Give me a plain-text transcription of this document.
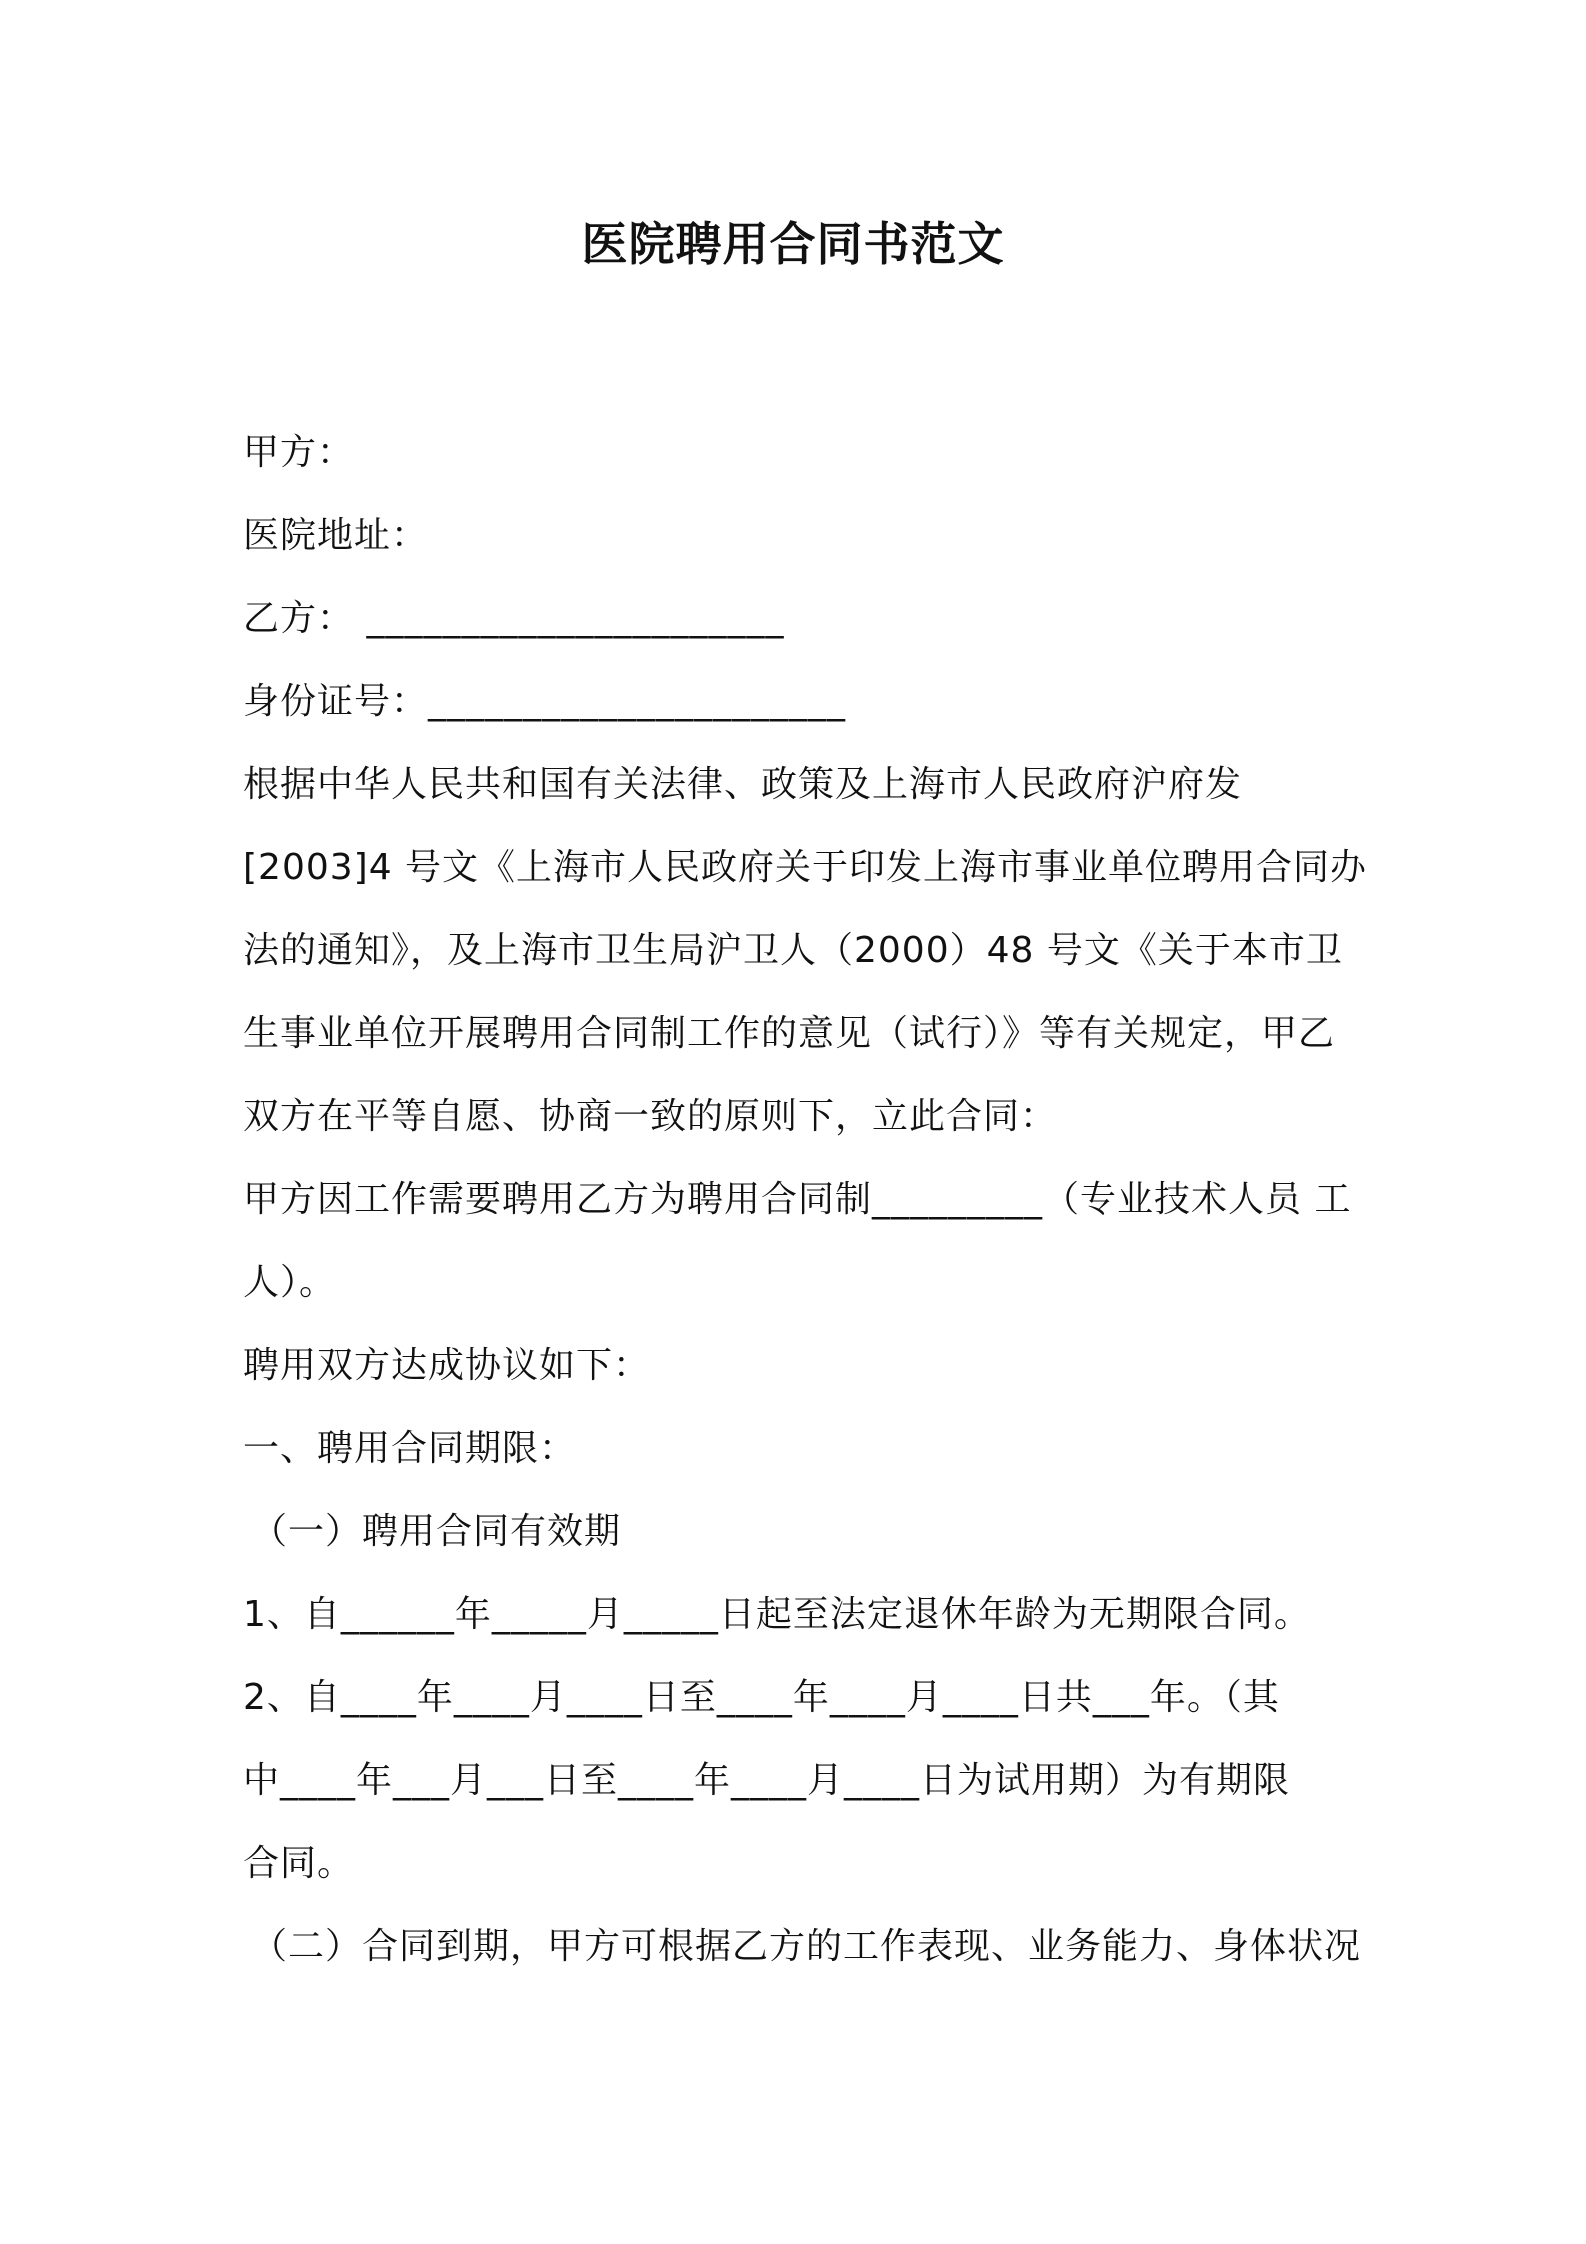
医院聘用合同书范文
甲方：
医院地址：
乙方： ______________________
身份证号：______________________
根据中华人民共和国有关法律、政策及上海市人民政府沪府发
[2003]4 号文《上海市人民政府关于印发上海市事业单位聘用合同办
法的通知》，及上海市卫生局沪卫人（2000）48 号文《关于本市卫
生事业单位开展聘用合同制工作的意见（试行）》等有关规定，甲乙
双方在平等自愿、协商一致的原则下，立此合同：
甲方因工作需要聘用乙方为聘用合同制_________（专业技术人员 工
人）。
聘用双方达成协议如下：
一、聘用合同期限：
（一）聘用合同有效期
1、自______年_____月_____日起至法定退休年龄为无期限合同。
2、自____年____月____日至____年____月____日共___年。（其
中____年___月___日至____年____月____日为试用期）为有期限
合同。
（二）合同到期，甲方可根据乙方的工作表现、业务能力、身体状况
